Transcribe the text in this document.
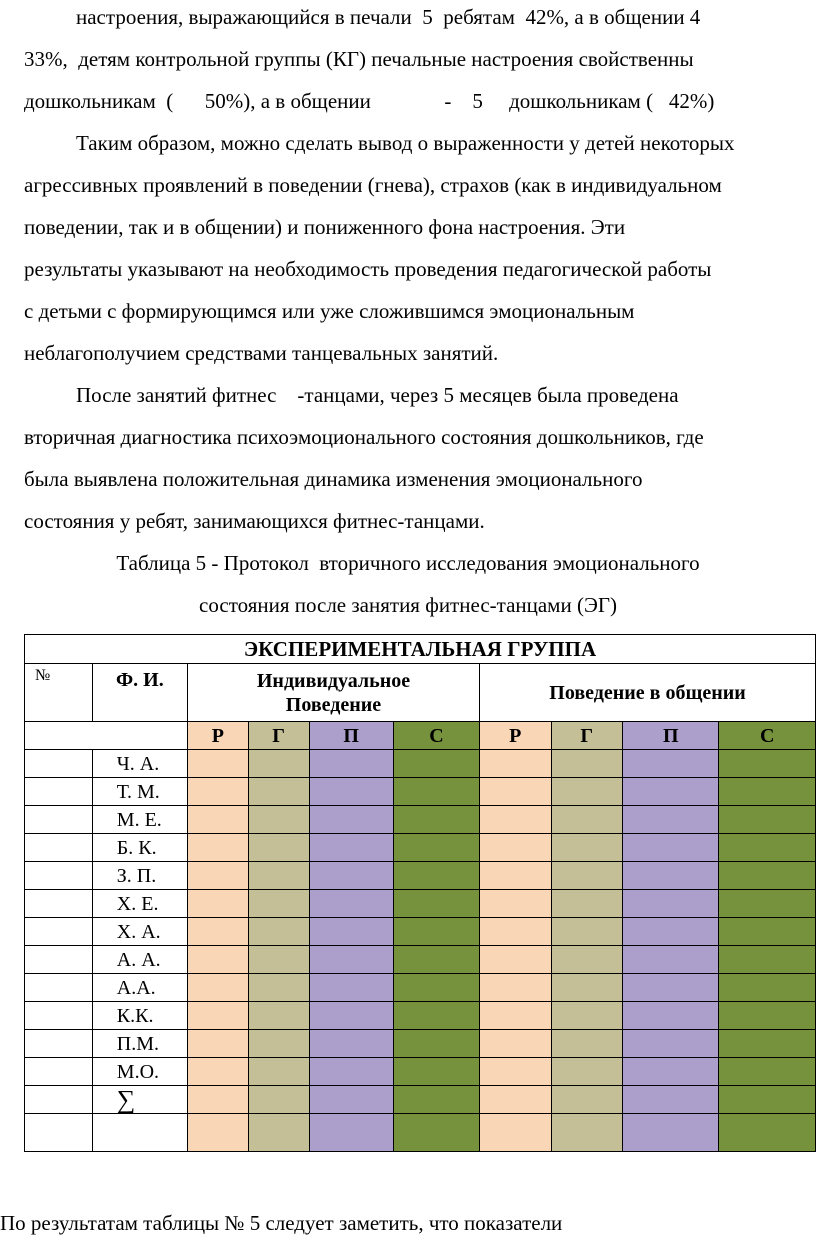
настроения, выражающийся в печали  5  ребятам  42%, а в общении 4
33%,  детям контрольной группы (КГ) печальные настроения свойственны
дошкольникам  (      50%), а в общении              -    5     дошкольникам (   42%)
Таким образом, можно сделать вывод о выраженности у детей некоторых
агрессивных проявлений в поведении (гнева), страхов (как в индивидуальном
поведении, так и в общении) и пониженного фона настроения. Эти
результаты указывают на необходимость проведения педагогической работы
с детьми с формирующимся или уже сложившимся эмоциональным
неблагополучием средствами танцевальных занятий.
После занятий фитнес    -танцами, через 5 месяцев была проведена
вторичная диагностика психоэмоционального состояния дошкольников, где
была выявлена положительная динамика изменения эмоционального
состояния у ребят, занимающихся фитнес-танцами.
Таблица 5 - Протокол  вторичного исследования эмоционального
состояния после занятия фитнес-танцами (ЭГ)
ЭКСПЕРИМЕНТАЛЬНАЯ ГРУППА									
№	Ф. И.	Индивидуальное Поведение				Поведение в общении			
		Р	Г	П	С	Р	Г	П	С
	Ч. А.								
	Т. М.								
	М. Е.								
	Б. К.								
	З. П.								
	Х. Е.								
	Х. А.								
	А. А.								
	А.А.								
	К.К.								
	П.М.								
	М.О.								
	∑								

По результатам таблицы № 5 следует заметить, что показатели
